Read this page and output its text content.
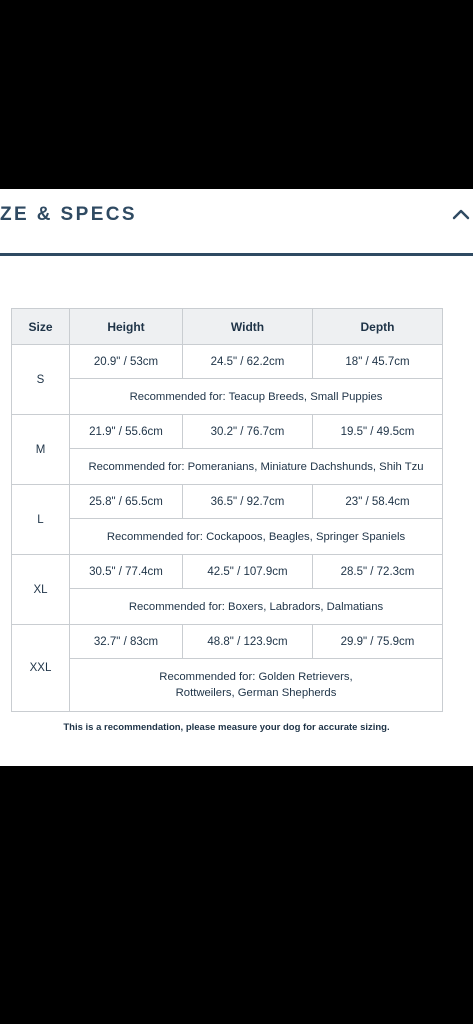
ZE & SPECS
Size	Height	Width	Depth
S	20.9" / 53cm	24.5" / 62.2cm	18" / 45.7cm
	Recommended for: Teacup Breeds, Small Puppies		
M	21.9" / 55.6cm	30.2" / 76.7cm	19.5" / 49.5cm
	Recommended for: Pomeranians, Miniature Dachshunds, Shih Tzu		
L	25.8" / 65.5cm	36.5" / 92.7cm	23" / 58.4cm
	Recommended for: Cockapoos, Beagles, Springer Spaniels		
XL	30.5" / 77.4cm	42.5" / 107.9cm	28.5" / 72.3cm
	Recommended for: Boxers, Labradors, Dalmatians		
XXL	32.7" / 83cm	48.8" / 123.9cm	29.9" / 75.9cm

	Recommended for: Golden Retrievers, Rottweilers, German Shepherds		
This is a recommendation, please measure your dog for accurate sizing.
